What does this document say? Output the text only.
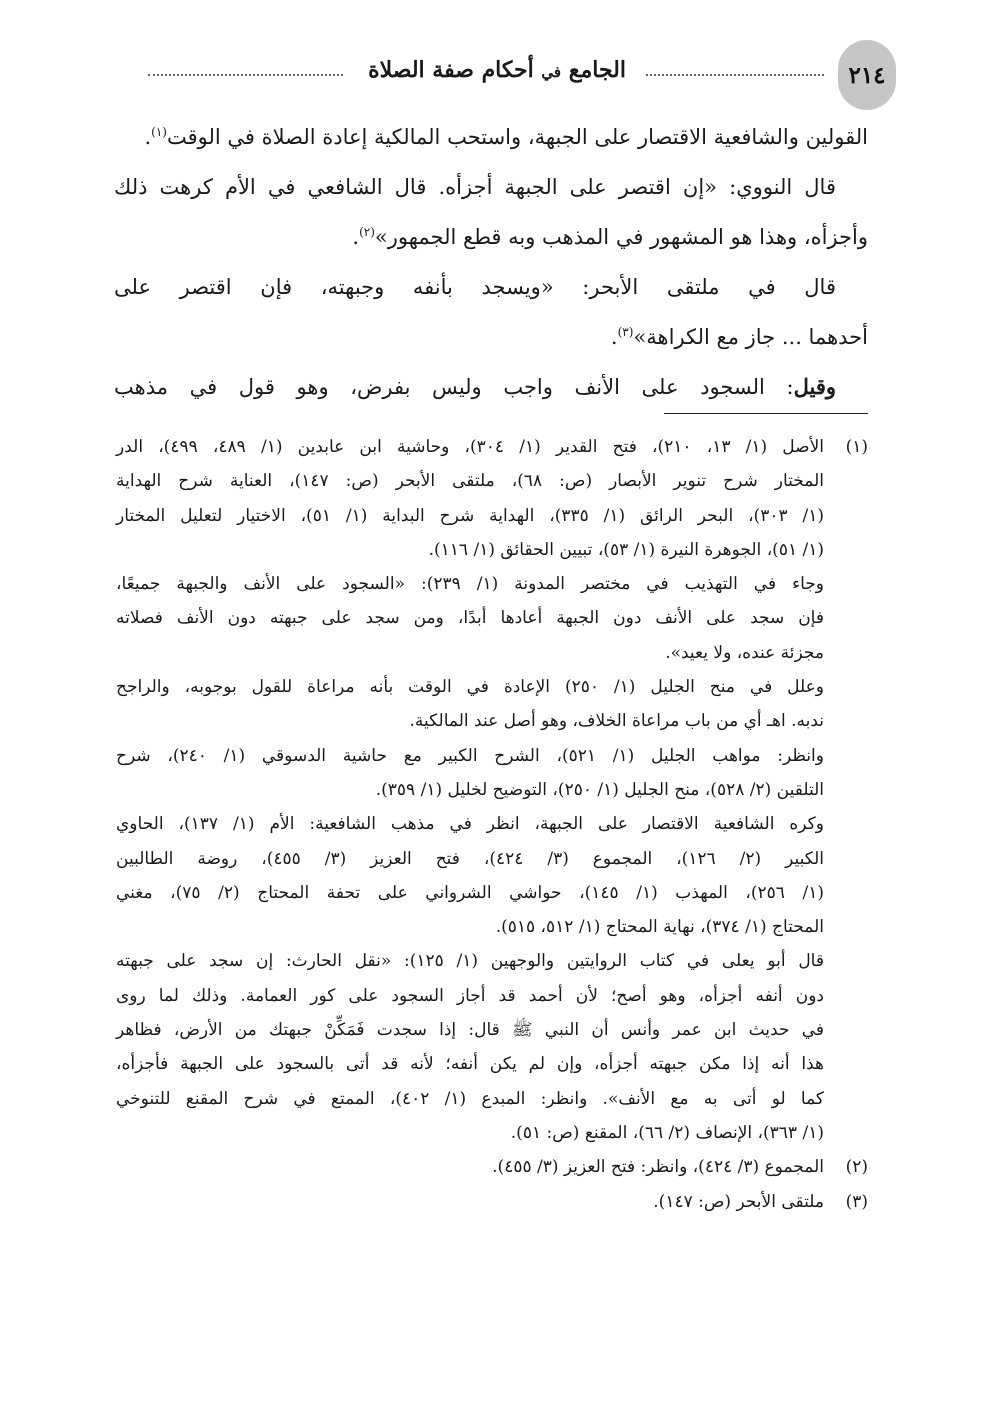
٢١٤
الجامع في أحكام صفة الصلاة

القولين والشافعية الاقتصار على الجبهة، واستحب المالكية إعادة الصلاة في الوقت$^{(١)}$.

قال النووي: «إن اقتصر على الجبهة أجزأه. قال الشافعي في الأم كرهت ذلك

وأجزأه، وهذا هو المشهور في المذهب وبه قطع الجمهور»$^{(٢)}$.

قال في ملتقى الأبحر: «ويسجد بأنفه وجبهته، فإن اقتصر على

أحدهما ... جاز مع الكراهة»$^{(٣)}$.

وقيل: السجود على الأنف واجب وليس بفرض، وهو قول في مذهب

(١)

الأصل (١/ ١٣، ٢١٠)، فتح القدير (١/ ٣٠٤)، وحاشية ابن عابدين (١/ ٤٨٩، ٤٩٩)، الدر

المختار شرح تنوير الأبصار (ص: ٦٨)، ملتقى الأبحر (ص: ١٤٧)، العناية شرح الهداية

(١/ ٣٠٣)، البحر الرائق (١/ ٣٣٥)، الهداية شرح البداية (١/ ٥١)، الاختيار لتعليل المختار

(١/ ٥١)، الجوهرة النيرة (١/ ٥٣)، تبيين الحقائق (١/ ١١٦).

وجاء في التهذيب في مختصر المدونة (١/ ٢٣٩): «السجود على الأنف والجبهة جميعًا،

فإن سجد على الأنف دون الجبهة أعادها أبدًا، ومن سجد على جبهته دون الأنف فصلاته

مجزئة عنده، ولا يعيد».

وعلل في منح الجليل (١/ ٢٥٠) الإعادة في الوقت بأنه مراعاة للقول بوجوبه، والراجح

ندبه. اهـ أي من باب مراعاة الخلاف، وهو أصل عند المالكية.

وانظر: مواهب الجليل (١/ ٥٢١)، الشرح الكبير مع حاشية الدسوقي (١/ ٢٤٠)، شرح

التلقين (٢/ ٥٢٨)، منح الجليل (١/ ٢٥٠)، التوضيح لخليل (١/ ٣٥٩).

وكره الشافعية الاقتصار على الجبهة، انظر في مذهب الشافعية: الأم (١/ ١٣٧)، الحاوي

الكبير (٢/ ١٢٦)، المجموع (٣/ ٤٢٤)، فتح العزيز (٣/ ٤٥٥)، روضة الطالبين

(١/ ٢٥٦)، المهذب (١/ ١٤٥)، حواشي الشرواني على تحفة المحتاج (٢/ ٧٥)، مغني

المحتاج (١/ ٣٧٤)، نهاية المحتاج (١/ ٥١٢، ٥١٥).

قال أبو يعلى في كتاب الروايتين والوجهين (١/ ١٢٥): «نقل الحارث: إن سجد على جبهته

دون أنفه أجزأه، وهو أصح؛ لأن أحمد قد أجاز السجود على كور العمامة. وذلك لما روى

في حديث ابن عمر وأنس أن النبي ﷺ قال: إذا سجدت فَمَكِّنْ جبهتك من الأرض، فظاهر

هذا أنه إذا مكن جبهته أجزأه، وإن لم يكن أنفه؛ لأنه قد أتى بالسجود على الجبهة فأجزأه،

كما لو أتى به مع الأنف». وانظر: المبدع (١/ ٤٠٢)، الممتع في شرح المقنع للتنوخي

(١/ ٣٦٣)، الإنصاف (٢/ ٦٦)، المقنع (ص: ٥١).

(٢)

المجموع (٣/ ٤٢٤)، وانظر: فتح العزيز (٣/ ٤٥٥).

(٣)

ملتقى الأبحر (ص: ١٤٧).
